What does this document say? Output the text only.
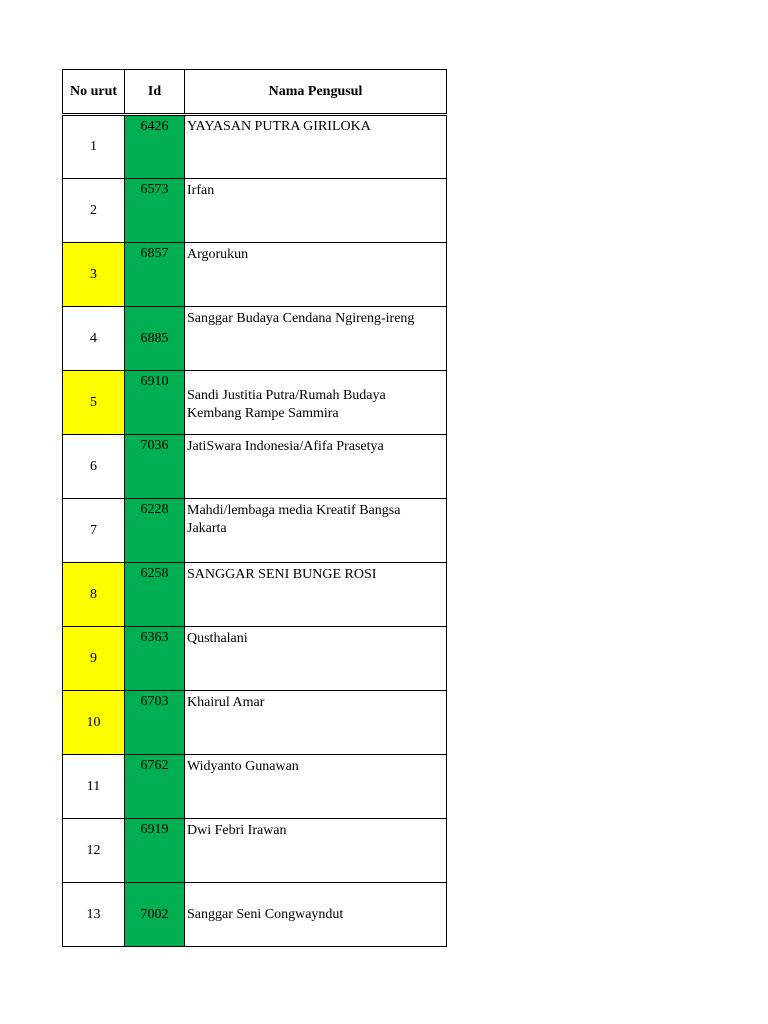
No urut	Id	Nama Pengusul
1	6426	YAYASAN PUTRA GIRILOKA
2	6573	Irfan
3	6857	Argorukun
4	6885	Sanggar Budaya Cendana Ngireng-ireng
5	6910	Sandi Justitia Putra/Rumah Budaya Kembang Rampe Sammira
6	7036	JatiSwara Indonesia/Afifa Prasetya
7	6228	Mahdi/lembaga media Kreatif Bangsa Jakarta
8	6258	SANGGAR SENI BUNGE ROSI
9	6363	Qusthalani
10	6703	Khairul Amar
11	6762	Widyanto Gunawan
12	6919	Dwi Febri Irawan
13	7002	Sanggar Seni Congwayndut
